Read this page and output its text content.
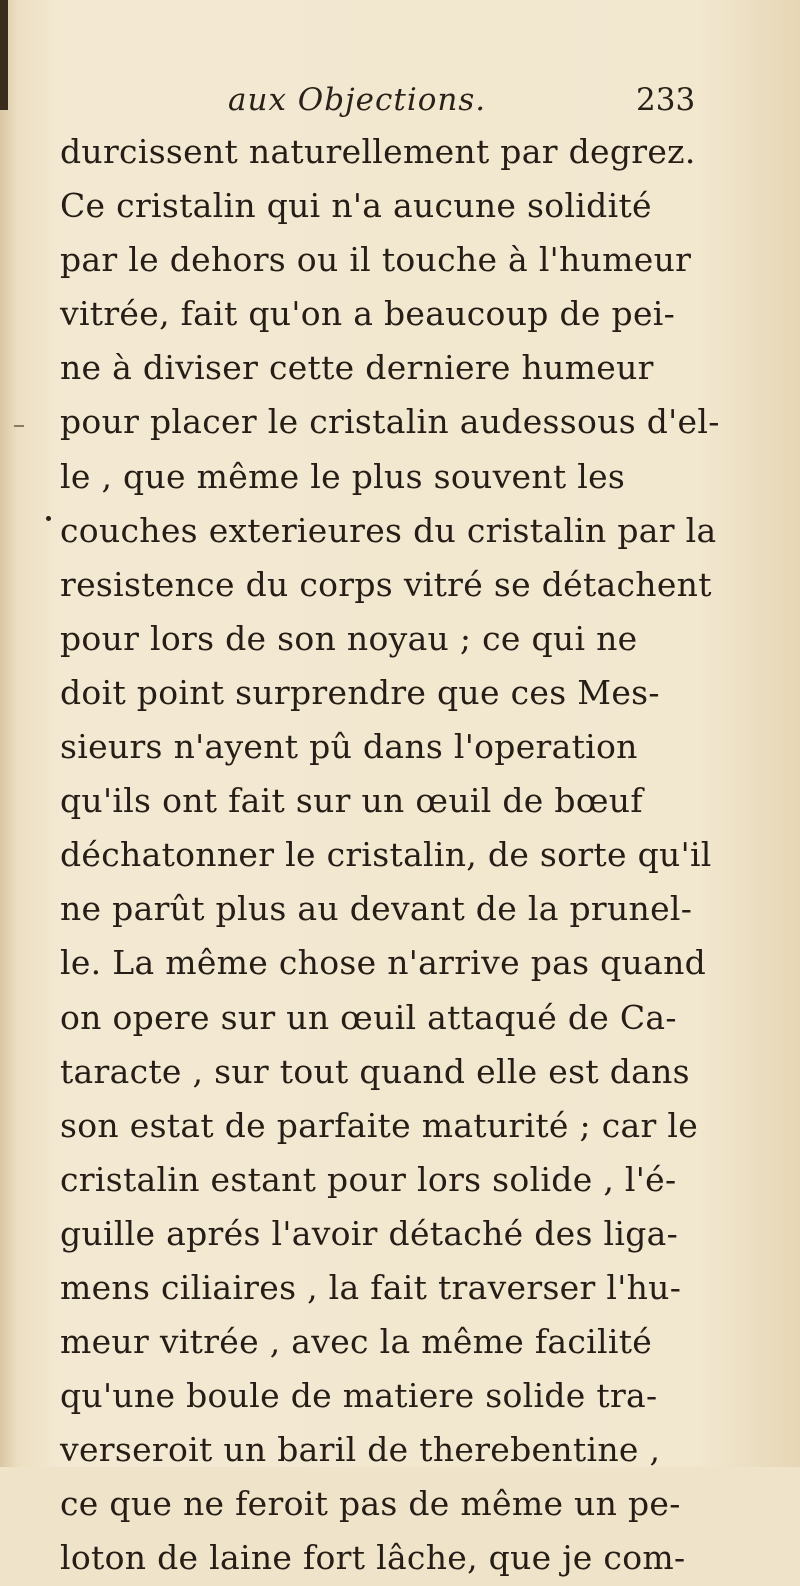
aux Objections.	233
durcissent naturellement par degrez.
Ce cristalin qui n'a aucune solidité
par le dehors ou il touche à l'humeur
vitrée, fait qu'on a beaucoup de pei-
ne à diviser cette derniere humeur
pour placer le cristalin audessous d'el-
le , que même le plus souvent les
couches exterieures du cristalin par la
resistence du corps vitré se détachent
pour lors de son noyau ; ce qui ne
doit point surprendre que ces Mes-
sieurs n'ayent pû dans l'operation
qu'ils ont fait sur un œuil de bœuf
déchatonner le cristalin, de sorte qu'il
ne parût plus au devant de la prunel-
le. La même chose n'arrive pas quand
on opere sur un œuil attaqué de Ca-
taracte , sur tout quand elle est dans
son estat de parfaite maturité ; car le
cristalin estant pour lors solide , l'é-
guille aprés l'avoir détaché des liga-
mens ciliaires , la fait traverser l'hu-
meur vitrée , avec la même facilité
qu'une boule de matiere solide tra-
verseroit un baril de therebentine ,
ce que ne feroit pas de même un pe-
loton de laine fort lâche, que je com-
